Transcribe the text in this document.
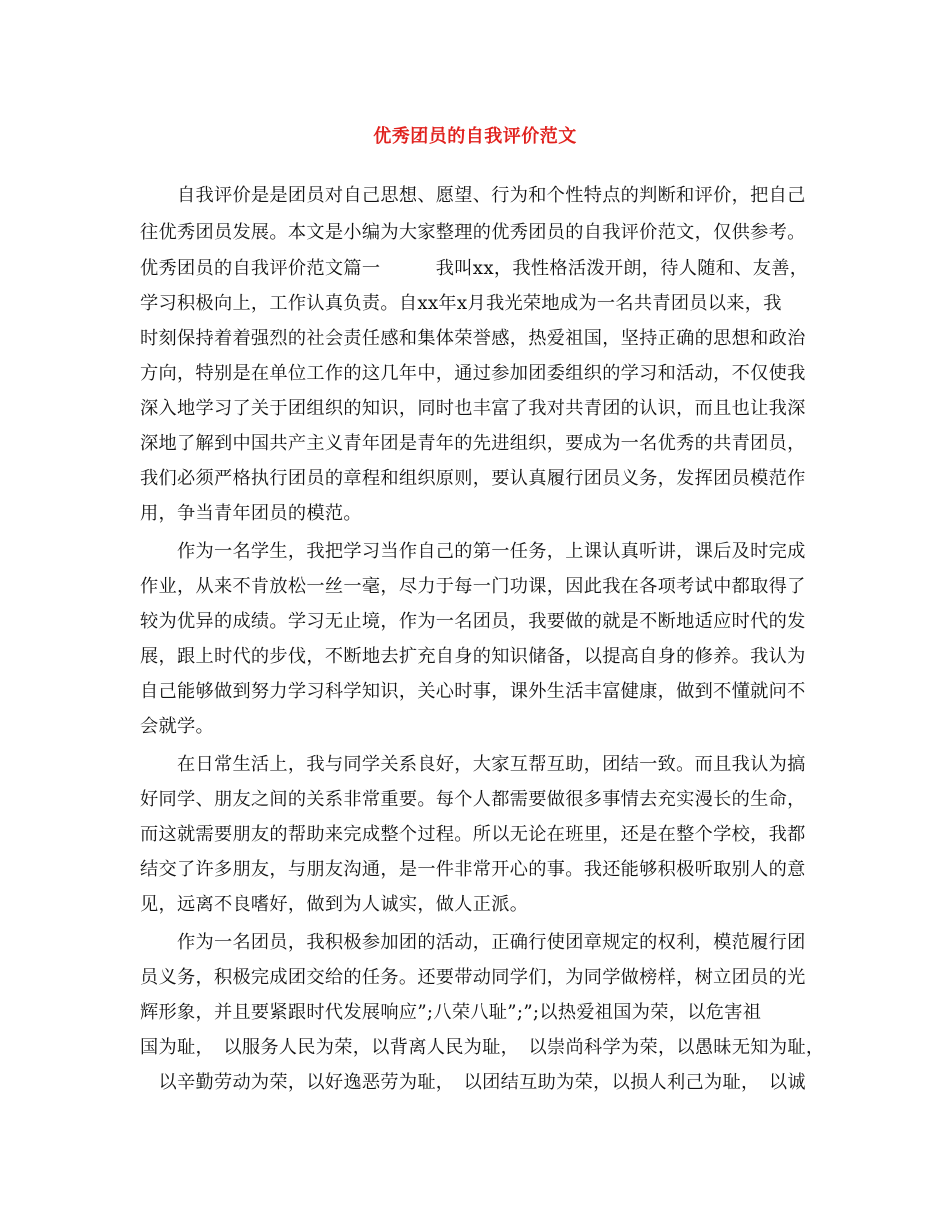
优秀团员的自我评价范文
　　自我评价是是团员对自己思想、愿望、行为和个性特点的判断和评价，把自己
往优秀团员发展。本文是小编为大家整理的优秀团员的自我评价范文，仅供参考。
优秀团员的自我评价范文篇一　　　我叫xx，我性格活泼开朗，待人随和、友善，
学习积极向上，工作认真负责。自xx年x月我光荣地成为一名共青团员以来，我
时刻保持着着强烈的社会责任感和集体荣誉感，热爱祖国，坚持正确的思想和政治
方向，特别是在单位工作的这几年中，通过参加团委组织的学习和活动，不仅使我
深入地学习了关于团组织的知识，同时也丰富了我对共青团的认识，而且也让我深
深地了解到中国共产主义青年团是青年的先进组织，要成为一名优秀的共青团员，
我们必须严格执行团员的章程和组织原则，要认真履行团员义务，发挥团员模范作
用，争当青年团员的模范。
　　作为一名学生，我把学习当作自己的第一任务，上课认真听讲，课后及时完成
作业，从来不肯放松一丝一毫，尽力于每一门功课，因此我在各项考试中都取得了
较为优异的成绩。学习无止境，作为一名团员，我要做的就是不断地适应时代的发
展，跟上时代的步伐，不断地去扩充自身的知识储备，以提高自身的修养。我认为
自己能够做到努力学习科学知识，关心时事，课外生活丰富健康，做到不懂就问不
会就学。
　　在日常生活上，我与同学关系良好，大家互帮互助，团结一致。而且我认为搞
好同学、朋友之间的关系非常重要。每个人都需要做很多事情去充实漫长的生命，
而这就需要朋友的帮助来完成整个过程。所以无论在班里，还是在整个学校，我都
结交了许多朋友，与朋友沟通，是一件非常开心的事。我还能够积极听取别人的意
见，远离不良嗜好，做到为人诚实，做人正派。
　　作为一名团员，我积极参加团的活动，正确行使团章规定的权利，模范履行团
员义务，积极完成团交给的任务。还要带动同学们，为同学做榜样，树立团员的光
辉形象，并且要紧跟时代发展响应”;八荣八耻”;”;以热爱祖国为荣，以危害祖
国为耻，　以服务人民为荣，以背离人民为耻，　以崇尚科学为荣，以愚昧无知为耻，
　以辛勤劳动为荣，以好逸恶劳为耻，　以团结互助为荣，以损人利己为耻，　以诚
